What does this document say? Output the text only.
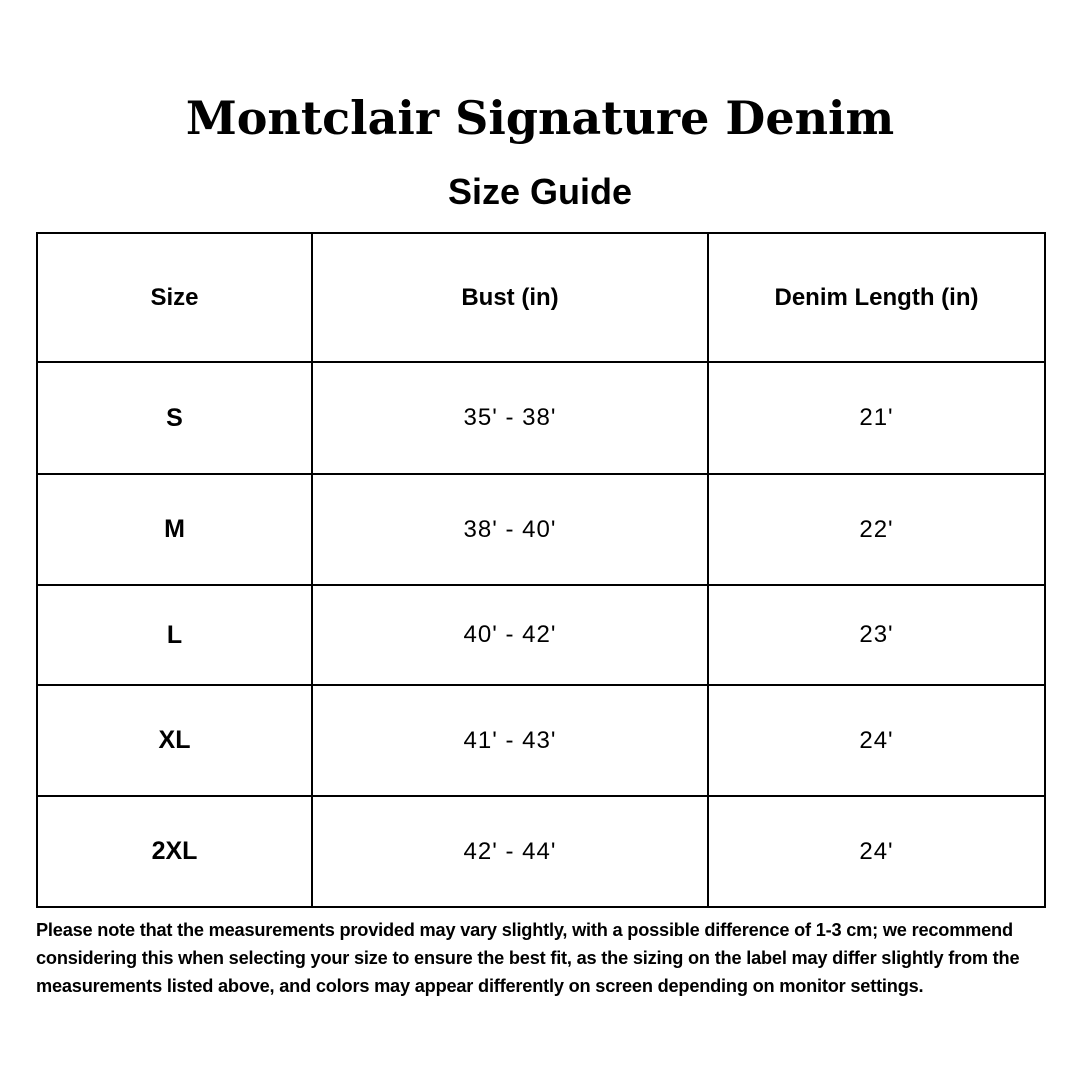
Montclair Signature Denim
Size Guide
Size	Bust (in)	Denim Length (in)
S	35' - 38'	21'
M	38' - 40'	22'
L	40' - 42'	23'
XL	41' - 43'	24'
2XL	42' - 44'	24'

Please note that the measurements provided may vary slightly, with a possible difference of 1-3 cm; we recommend considering this when selecting your size to ensure the best fit, as the sizing on the label may differ slightly from the measurements listed above, and colors may appear differently on screen depending on monitor settings.
